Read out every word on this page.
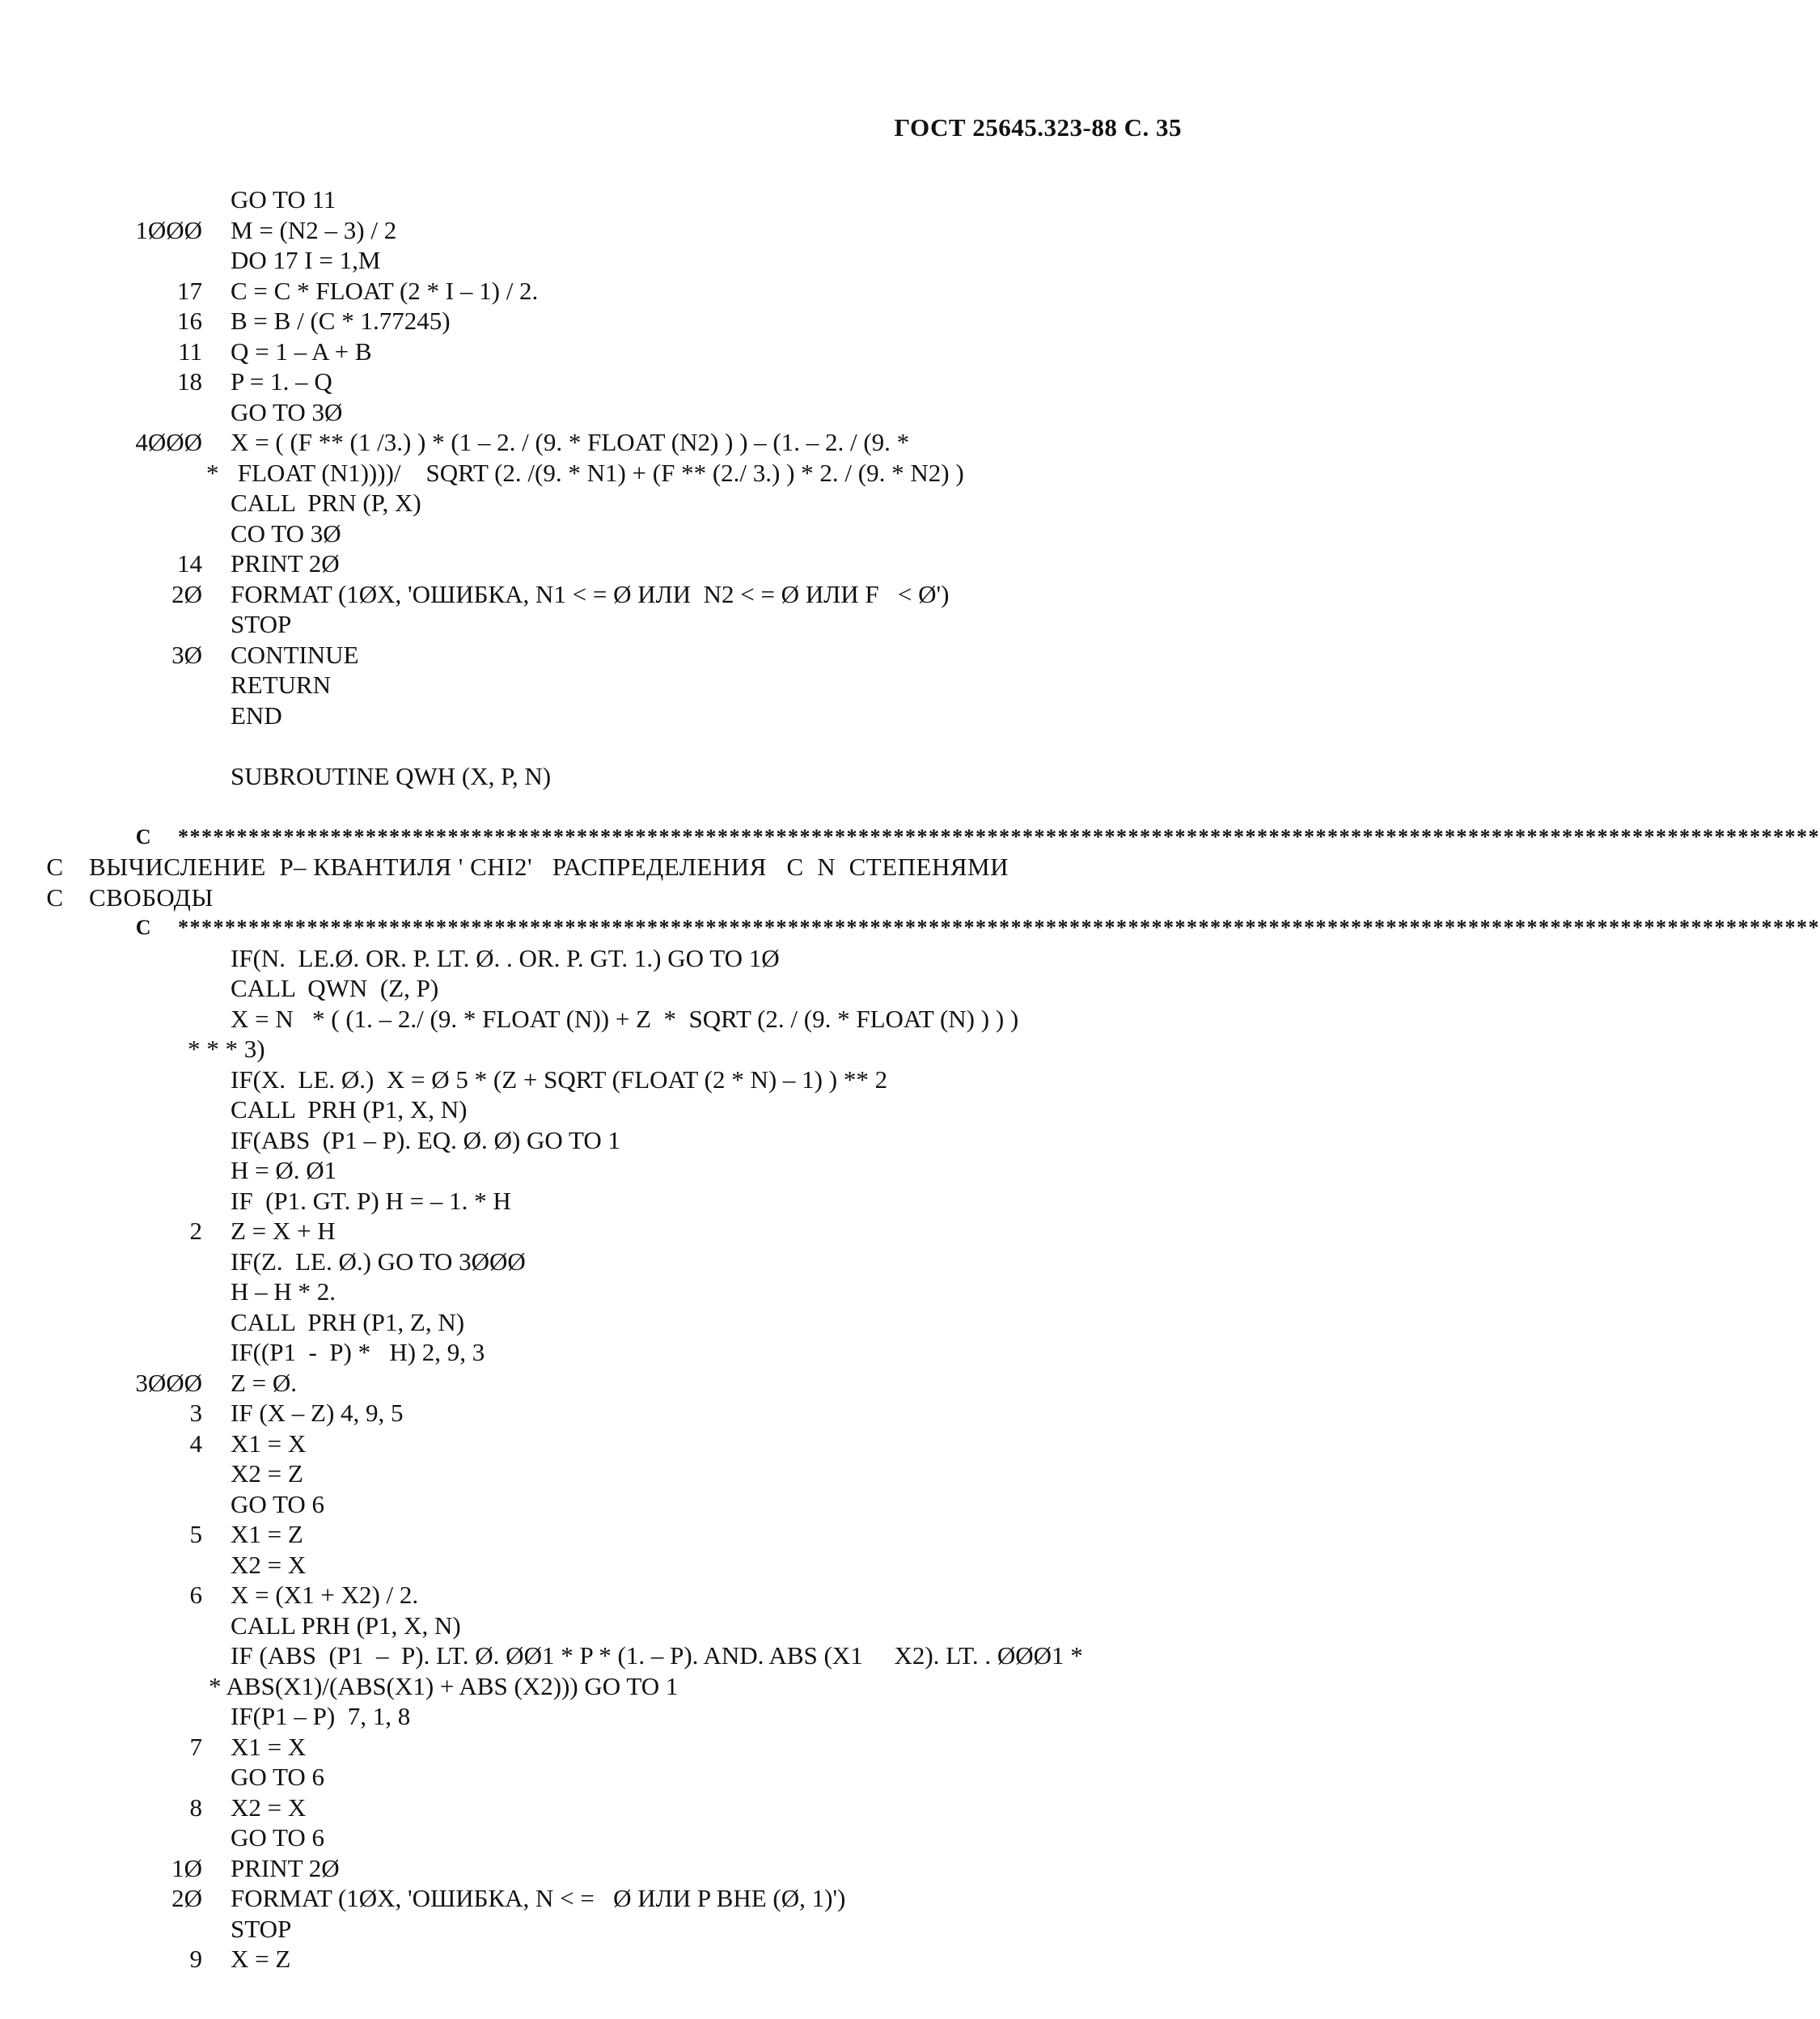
ГОСТ 25645.323-88 С. 35
GO TO 11
1ØØØ M = (N2 – 3) / 2
DO 17 I = 1,M
17 C = C * FLOAT (2 * I – 1) / 2.
16 B = B / (C * 1.77245)
11 Q = 1 – A + B
18 P = 1. – Q
GO TO 3Ø
4ØØØ X = ( (F ** (1 /3.) ) * (1 – 2. / (9. * FLOAT (N2) ) ) – (1. – 2. / (9. *
*   FLOAT (N1))))/    SQRT (2. /(9. * N1) + (F ** (2./ 3.) ) * 2. / (9. * N2) )
CALL  PRN (P, X)
CO TO 3Ø
14 PRINT 2Ø
2Ø FORMAT (1ØX, 'ОШИБКА, N1 < = Ø ИЛИ  N2 < = Ø ИЛИ F   < Ø')
STOP
3Ø CONTINUE
RETURN
END
SUBROUTINE QWH (X, P, N)
C ********************************************************************************************************************************************
C ВЫЧИСЛЕНИЕ  P– КВАНТИЛЯ ' CHI2'   РАСПРЕДЕЛЕНИЯ   С  N  СТЕПЕНЯМИ
C СВОБОДЫ
C ********************************************************************************************************************************************
IF(N.  LE.Ø. OR. P. LT. Ø. . OR. P. GT. 1.) GO TO 1Ø
CALL  QWN  (Z, P)
X = N   * ( (1. – 2./ (9. * FLOAT (N)) + Z  *  SQRT (2. / (9. * FLOAT (N) ) ) )
* * * 3)
IF(X.  LE. Ø.)  X = Ø 5 * (Z + SQRT (FLOAT (2 * N) – 1) ) ** 2
CALL  PRH (P1, X, N)
IF(ABS  (P1 – P). EQ. Ø. Ø) GO TO 1
H = Ø. Ø1
IF  (P1. GT. P) H = – 1. * H
2 Z = X + H
IF(Z.  LE. Ø.) GO TO 3ØØØ
H – H * 2.
CALL  PRH (P1, Z, N)
IF((P1  -  P) *   H) 2, 9, 3
3ØØØ Z = Ø.
3 IF (X – Z) 4, 9, 5
4 X1 = X
X2 = Z
GO TO 6
5 X1 = Z
X2 = X
6 X = (X1 + X2) / 2.
CALL PRH (P1, X, N)
IF (ABS  (P1  –  P). LT. Ø. ØØ1 * P * (1. – P). AND. ABS (X1     X2). LT. . ØØØ1 *
* ABS(X1)/(ABS(X1) + ABS (X2))) GO TO 1
IF(P1 – P)  7, 1, 8
7 X1 = X
GO TO 6
8 X2 = X
GO TO 6
1Ø PRINT 2Ø
2Ø FORMAT (1ØX, 'ОШИБКА, N < =   Ø ИЛИ P ВНЕ (Ø, 1)')
STOP
9 X = Z
